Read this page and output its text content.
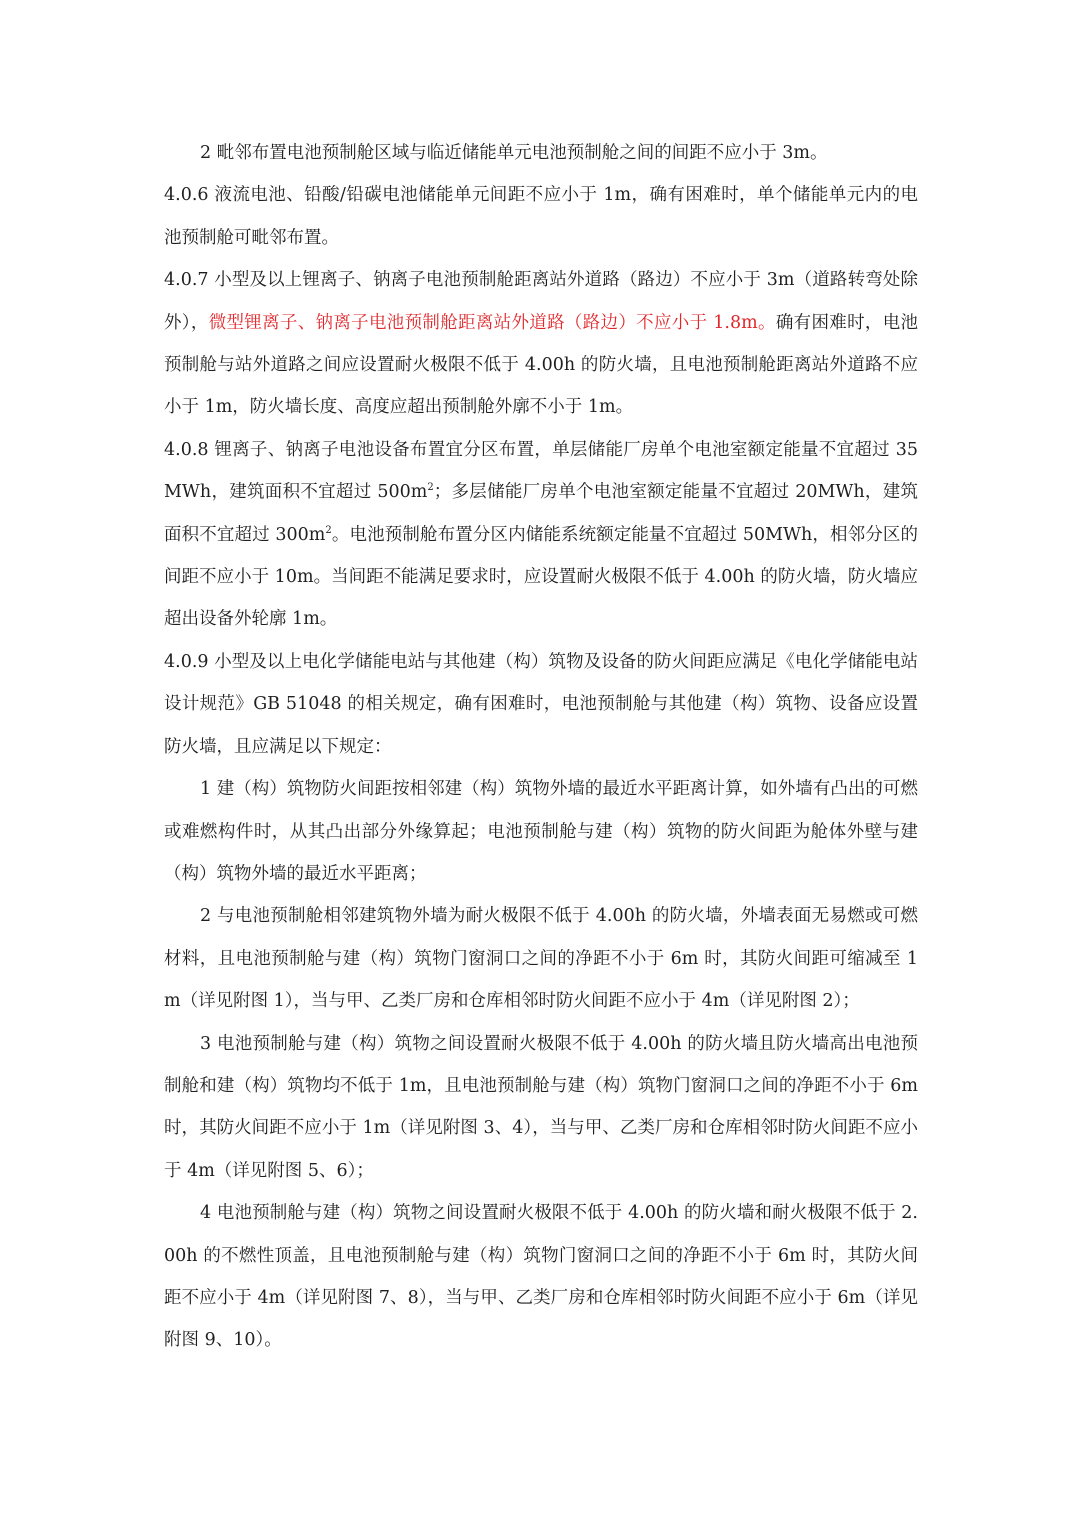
2 毗邻布置电池预制舱区域与临近储能单元电池预制舱之间的间距不应小于 3m。

4.0.6 液流电池、铅酸/铅碳电池储能单元间距不应小于 1m，确有困难时，单个储能单元内的电池预制舱可毗邻布置。

4.0.7 小型及以上锂离子、钠离子电池预制舱距离站外道路（路边）不应小于 3m（道路转弯处除外），微型锂离子、钠离子电池预制舱距离站外道路（路边）不应小于 1.8m。确有困难时，电池预制舱与站外道路之间应设置耐火极限不低于 4.00h 的防火墙，且电池预制舱距离站外道路不应小于 1m，防火墙长度、高度应超出预制舱外廓不小于 1m。

4.0.8 锂离子、钠离子电池设备布置宜分区布置，单层储能厂房单个电池室额定能量不宜超过 35MWh，建筑面积不宜超过 $500m^2$；多层储能厂房单个电池室额定能量不宜超过 20MWh，建筑面积不宜超过 $300m^2$。电池预制舱布置分区内储能系统额定能量不宜超过 50MWh，相邻分区的间距不应小于 10m。当间距不能满足要求时，应设置耐火极限不低于 4.00h 的防火墙，防火墙应超出设备外轮廓 1m。

4.0.9 小型及以上电化学储能电站与其他建（构）筑物及设备的防火间距应满足《电化学储能电站设计规范》GB 51048 的相关规定，确有困难时，电池预制舱与其他建（构）筑物、设备应设置防火墙，且应满足以下规定：

1 建（构）筑物防火间距按相邻建（构）筑物外墙的最近水平距离计算，如外墙有凸出的可燃或难燃构件时，从其凸出部分外缘算起；电池预制舱与建（构）筑物的防火间距为舱体外壁与建（构）筑物外墙的最近水平距离；

2 与电池预制舱相邻建筑物外墙为耐火极限不低于 4.00h 的防火墙，外墙表面无易燃或可燃材料，且电池预制舱与建（构）筑物门窗洞口之间的净距不小于 6m 时，其防火间距可缩减至 1m（详见附图 1），当与甲、乙类厂房和仓库相邻时防火间距不应小于 4m（详见附图 2）；

3 电池预制舱与建（构）筑物之间设置耐火极限不低于 4.00h 的防火墙且防火墙高出电池预制舱和建（构）筑物均不低于 1m，且电池预制舱与建（构）筑物门窗洞口之间的净距不小于 6m 时，其防火间距不应小于 1m（详见附图 3、4），当与甲、乙类厂房和仓库相邻时防火间距不应小于 4m（详见附图 5、6）；

4 电池预制舱与建（构）筑物之间设置耐火极限不低于 4.00h 的防火墙和耐火极限不低于 2.00h 的不燃性顶盖，且电池预制舱与建（构）筑物门窗洞口之间的净距不小于 6m 时，其防火间距不应小于 4m（详见附图 7、8），当与甲、乙类厂房和仓库相邻时防火间距不应小于 6m（详见附图 9、10）。
